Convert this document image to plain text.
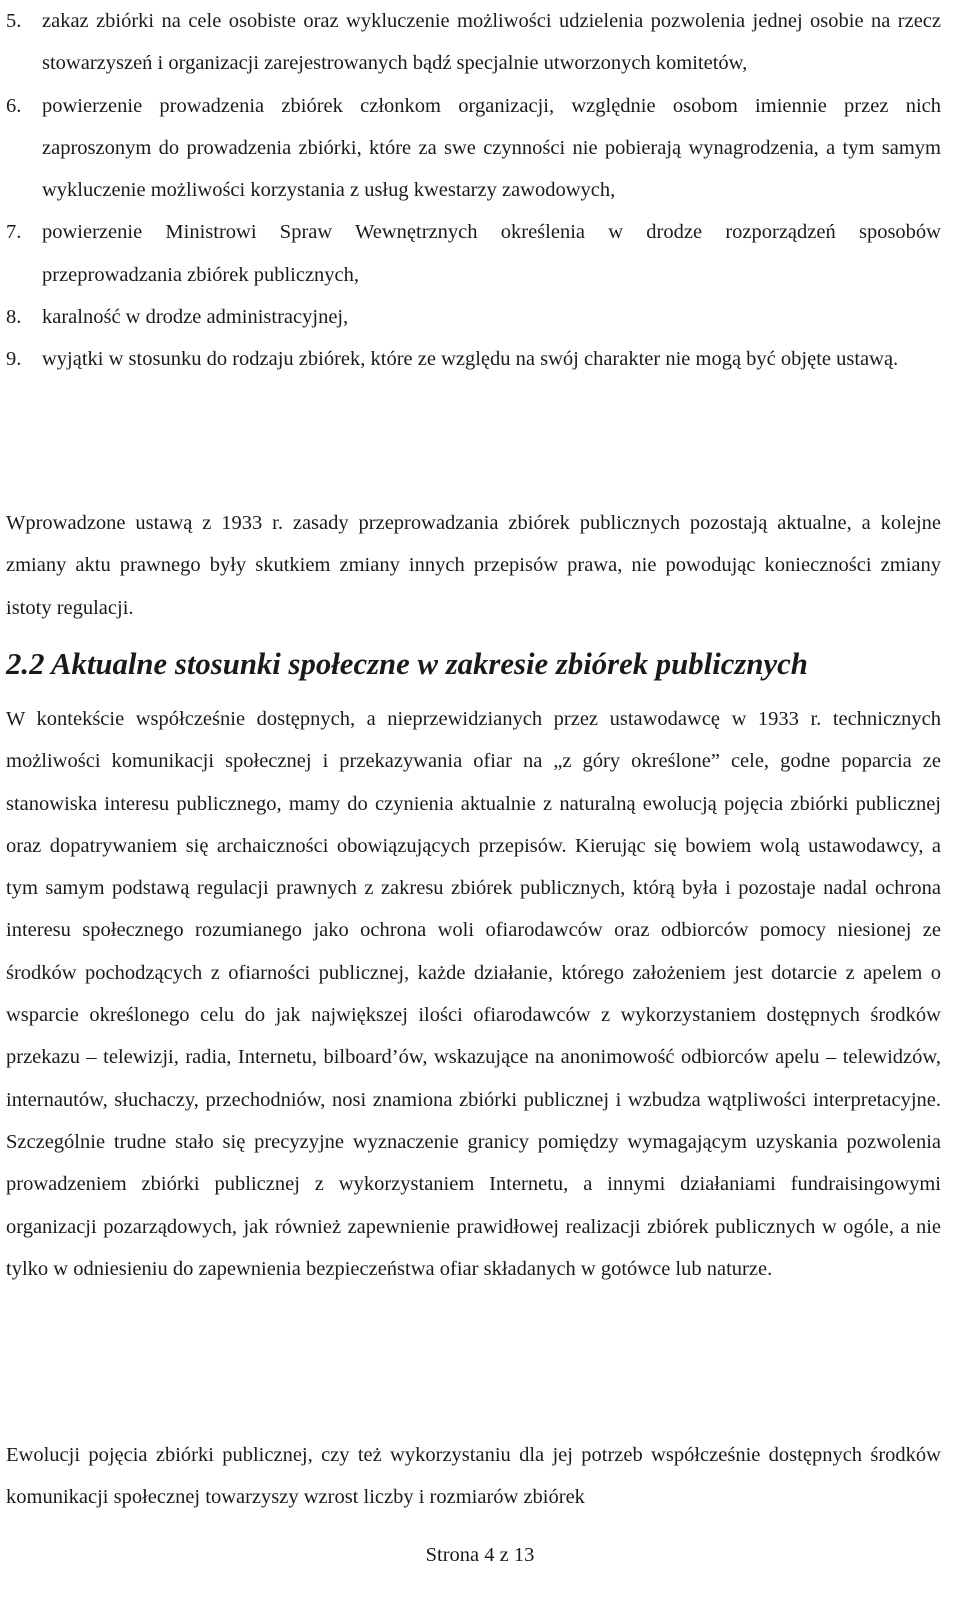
5. zakaz zbiórki na cele osobiste oraz wykluczenie możliwości udzielenia pozwolenia jednej osobie na rzecz stowarzyszeń i organizacji zarejestrowanych bądź specjalnie utworzonych komitetów,
6. powierzenie prowadzenia zbiórek członkom organizacji, względnie osobom imiennie przez nich zaproszonym do prowadzenia zbiórki, które za swe czynności nie pobierają wynagrodzenia, a tym samym wykluczenie możliwości korzystania z usług kwestarzy zawodowych,
7. powierzenie Ministrowi Spraw Wewnętrznych określenia w drodze rozporządzeń sposobów przeprowadzania zbiórek publicznych,
8. karalność w drodze administracyjnej,
9. wyjątki w stosunku do rodzaju zbiórek, które ze względu na swój charakter nie mogą być objęte ustawą.

Wprowadzone ustawą z 1933 r. zasady przeprowadzania zbiórek publicznych pozostają aktualne, a kolejne zmiany aktu prawnego były skutkiem zmiany innych przepisów prawa, nie powodując konieczności zmiany istoty regulacji.

2.2 Aktualne stosunki społeczne w zakresie zbiórek publicznych

W kontekście współcześnie dostępnych, a nieprzewidzianych przez ustawodawcę w 1933 r. technicznych możliwości komunikacji społecznej i przekazywania ofiar na „z góry określone” cele, godne poparcia ze stanowiska interesu publicznego, mamy do czynienia aktualnie z naturalną ewolucją pojęcia zbiórki publicznej oraz dopatrywaniem się archaiczności obowiązujących przepisów. Kierując się bowiem wolą ustawodawcy, a tym samym podstawą regulacji prawnych z zakresu zbiórek publicznych, którą była i pozostaje nadal ochrona interesu społecznego rozumianego jako ochrona woli ofiarodawców oraz odbiorców pomocy niesionej ze środków pochodzących z ofiarności publicznej, każde działanie, którego założeniem jest dotarcie z apelem o wsparcie określonego celu do jak największej ilości ofiarodawców z wykorzystaniem dostępnych środków przekazu – telewizji, radia, Internetu, bilboard’ów, wskazujące na anonimowość odbiorców apelu – telewidzów, internautów, słuchaczy, przechodniów, nosi znamiona zbiórki publicznej i wzbudza wątpliwości interpretacyjne. Szczególnie trudne stało się precyzyjne wyznaczenie granicy pomiędzy wymagającym uzyskania pozwolenia prowadzeniem zbiórki publicznej z wykorzystaniem Internetu, a innymi działaniami fundraisingowymi organizacji pozarządowych, jak również zapewnienie prawidłowej realizacji zbiórek publicznych w ogóle, a nie tylko w odniesieniu do zapewnienia bezpieczeństwa ofiar składanych w gotówce lub naturze.

Ewolucji pojęcia zbiórki publicznej, czy też wykorzystaniu dla jej potrzeb współcześnie dostępnych środków komunikacji społecznej towarzyszy wzrost liczby i rozmiarów zbiórek

Strona 4 z 13
